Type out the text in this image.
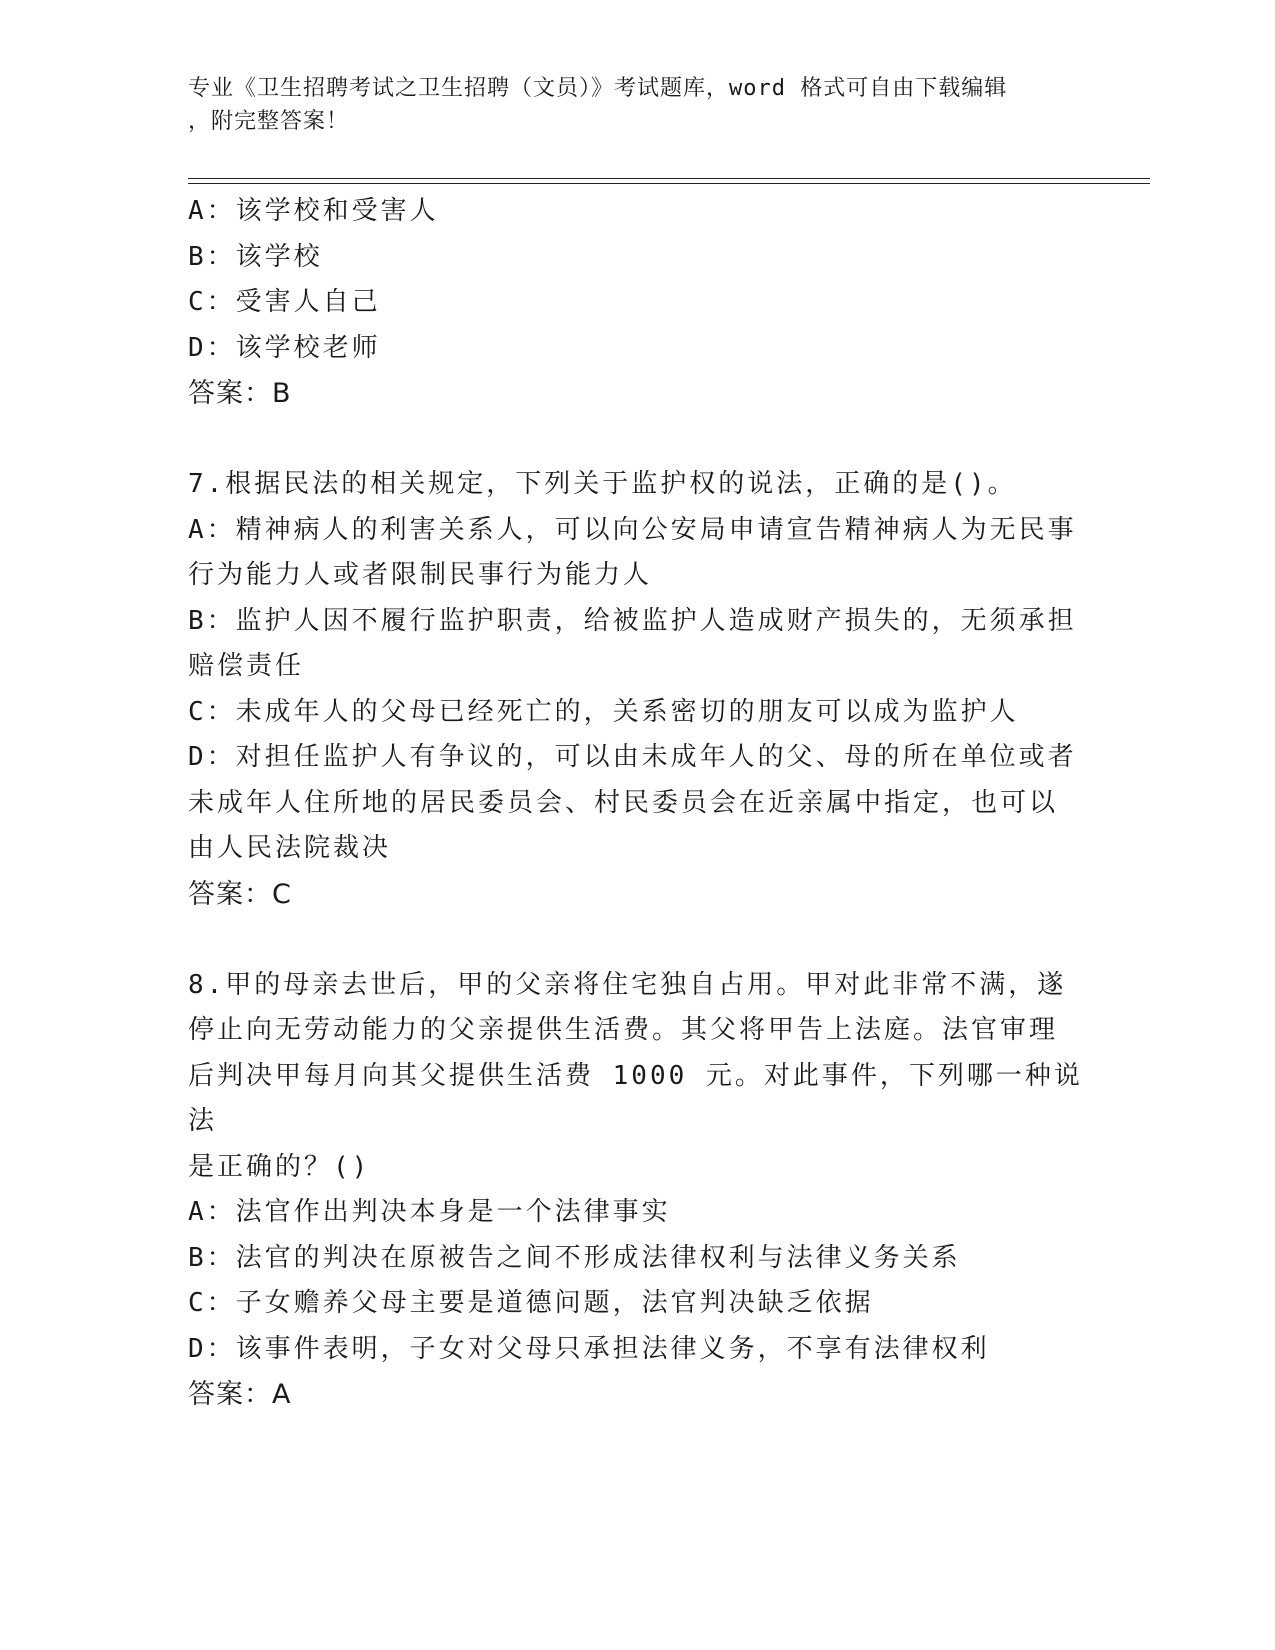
专业《卫生招聘考试之卫生招聘（文员）》考试题库，word 格式可自由下载编辑
，附完整答案！
A：该学校和受害人
B：该学校
C：受害人自己
D：该学校老师
答案：B
7.根据民法的相关规定，下列关于监护权的说法，正确的是()。
A：精神病人的利害关系人，可以向公安局申请宣告精神病人为无民事
行为能力人或者限制民事行为能力人
B：监护人因不履行监护职责，给被监护人造成财产损失的，无须承担
赔偿责任
C：未成年人的父母已经死亡的，关系密切的朋友可以成为监护人
D：对担任监护人有争议的，可以由未成年人的父、母的所在单位或者
未成年人住所地的居民委员会、村民委员会在近亲属中指定，也可以
由人民法院裁决
答案：C
8.甲的母亲去世后，甲的父亲将住宅独自占用。甲对此非常不满，遂
停止向无劳动能力的父亲提供生活费。其父将甲告上法庭。法官审理
后判决甲每月向其父提供生活费 1000 元。对此事件，下列哪一种说法
是正确的？()
A：法官作出判决本身是一个法律事实
B：法官的判决在原被告之间不形成法律权利与法律义务关系
C：子女赡养父母主要是道德问题，法官判决缺乏依据
D：该事件表明，子女对父母只承担法律义务，不享有法律权利
答案：A
